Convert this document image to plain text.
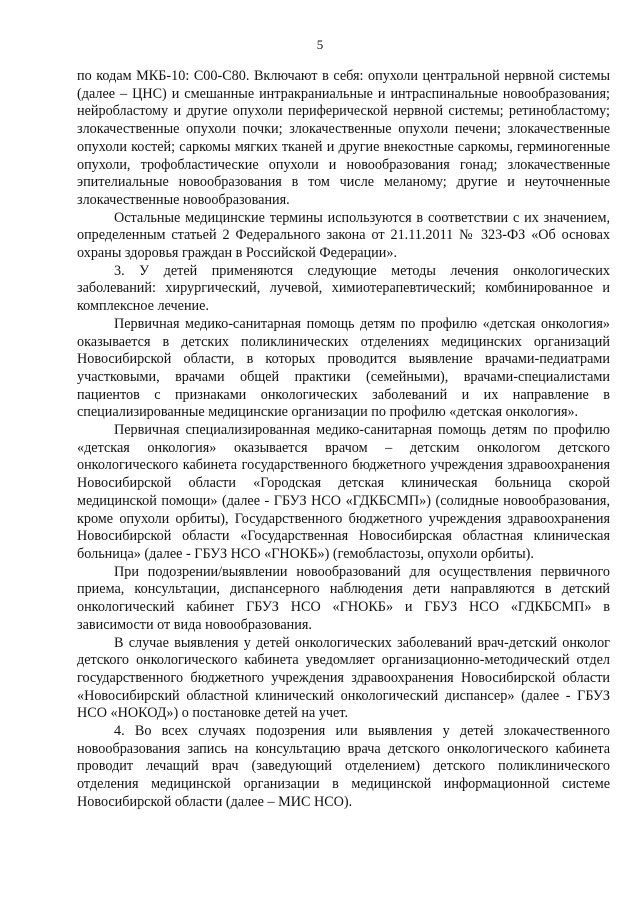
5

по кодам МКБ-10: С00-С80. Включают в себя: опухоли центральной нервной системы (далее – ЦНС) и смешанные интракраниальные и интраспинальные новообразования; нейробластому и другие опухоли периферической нервной системы; ретинобластому; злокачественные опухоли почки; злокачественные опухоли печени; злокачественные опухоли костей; саркомы мягких тканей и другие внекостные саркомы, герминогенные опухоли, трофобластические опухоли и новообразования гонад; злокачественные эпителиальные новообразования в том числе меланому; другие и неуточненные злокачественные новообразования.

Остальные медицинские термины используются в соответствии с их значением, определенным статьей 2 Федерального закона от 21.11.2011 № 323-ФЗ «Об основах охраны здоровья граждан в Российской Федерации».

3. У детей применяются следующие методы лечения онкологических заболеваний: хирургический, лучевой, химиотерапевтический; комбинированное и комплексное лечение.

Первичная медико-санитарная помощь детям по профилю «детская онкология» оказывается в детских поликлинических отделениях медицинских организаций Новосибирской области, в которых проводится выявление врачами-педиатрами участковыми, врачами общей практики (семейными), врачами-специалистами пациентов с признаками онкологических заболеваний и их направление в специализированные медицинские организации по профилю «детская онкология».

Первичная специализированная медико-санитарная помощь детям по профилю «детская онкология» оказывается врачом – детским онкологом детского онкологического кабинета государственного бюджетного учреждения здравоохранения Новосибирской области «Городская детская клиническая больница скорой медицинской помощи» (далее - ГБУЗ НСО «ГДКБСМП») (солидные новообразования, кроме опухоли орбиты), Государственного бюджетного учреждения здравоохранения Новосибирской области «Государственная Новосибирская областная клиническая больница» (далее - ГБУЗ НСО «ГНОКБ») (гемобластозы, опухоли орбиты).

При подозрении/выявлении новообразований для осуществления первичного приема, консультации, диспансерного наблюдения дети направляются в детский онкологический кабинет ГБУЗ НСО «ГНОКБ» и ГБУЗ НСО «ГДКБСМП» в зависимости от вида новообразования.

В случае выявления у детей онкологических заболеваний врач-детский онколог детского онкологического кабинета уведомляет организационно-методический отдел государственного бюджетного учреждения здравоохранения Новосибирской области «Новосибирский областной клинический онкологический диспансер» (далее - ГБУЗ НСО «НОКОД») о постановке детей на учет.

4. Во всех случаях подозрения или выявления у детей злокачественного новообразования запись на консультацию врача детского онкологического кабинета проводит лечащий врач (заведующий отделением) детского поликлинического отделения медицинской организации в медицинской информационной системе Новосибирской области (далее – МИС НСО).
